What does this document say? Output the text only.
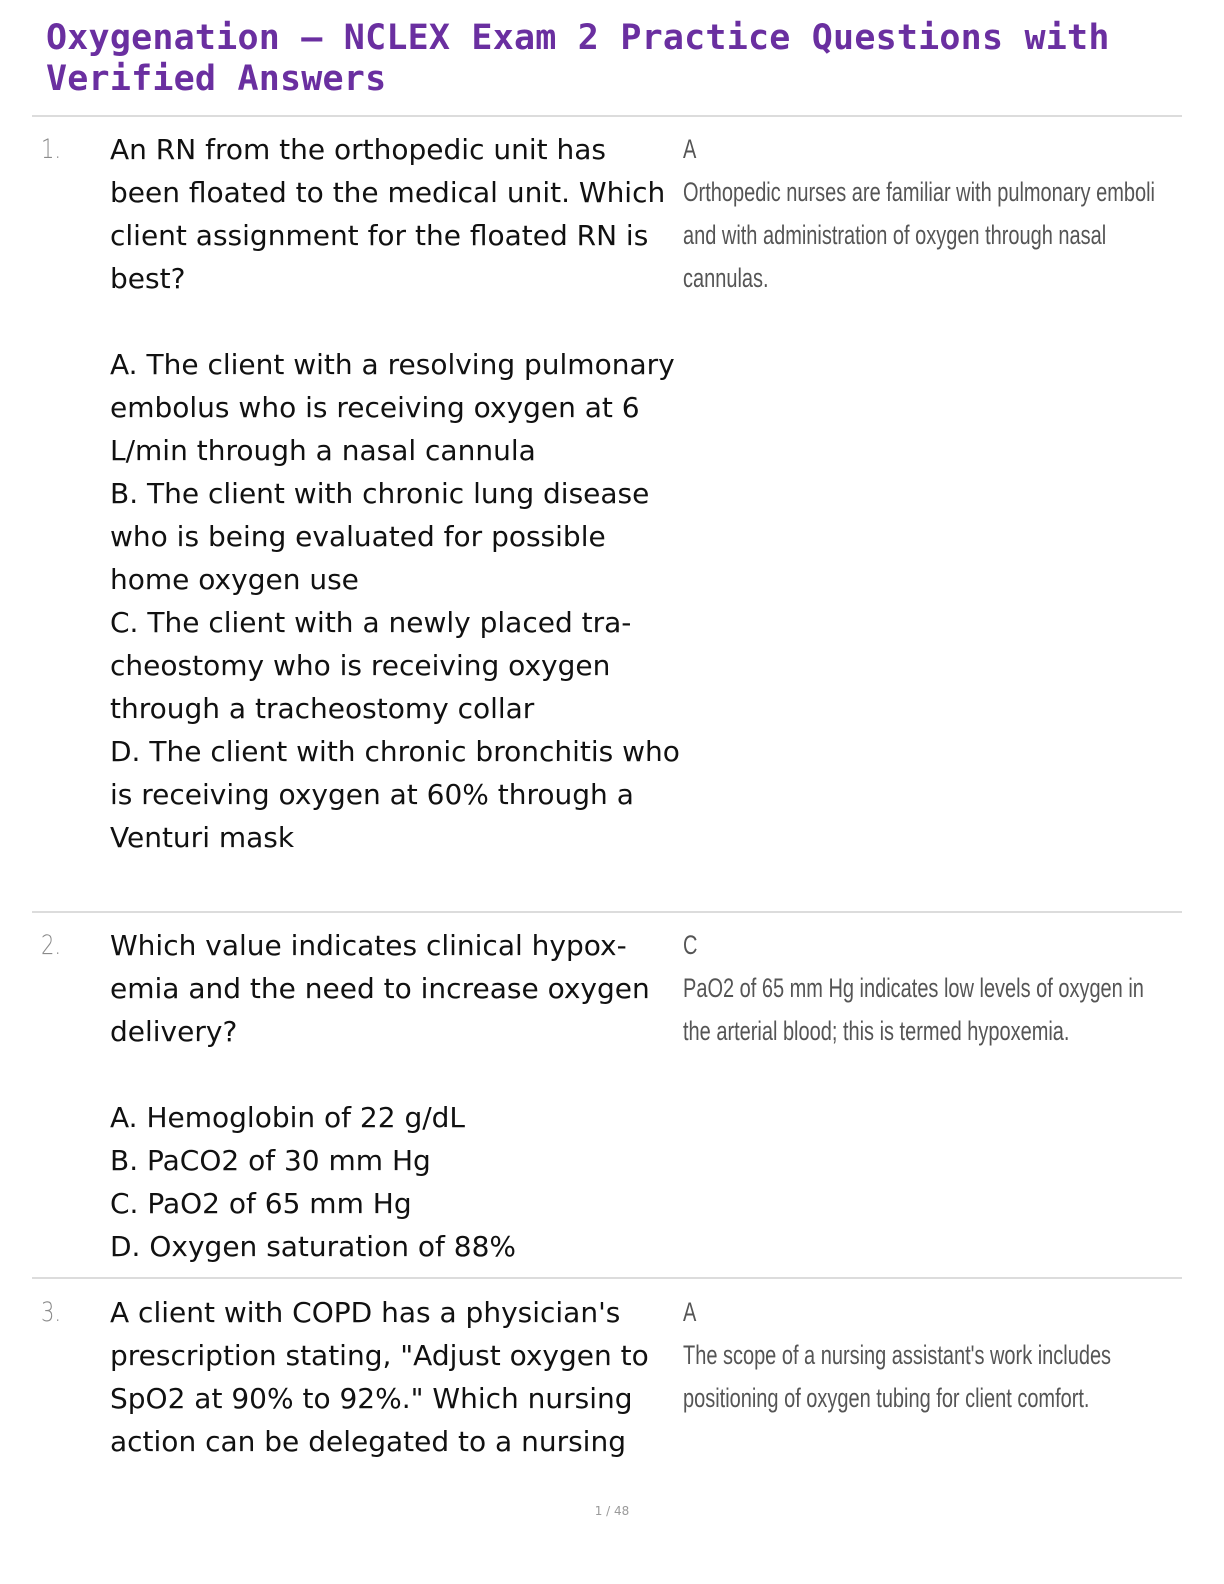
Oxygenation – NCLEX Exam 2 Practice Questions with Verified Answers
1. An RN from the orthopedic unit has been floated to the medical unit. Which client assignment for the floated RN is best?

A. The client with a resolving pulmonary embolus who is receiving oxygen at 6 L/min through a nasal cannula

B. The client with chronic lung disease who is being evaluated for possible home oxygen use

C. The client with a newly placed tracheostomy who is receiving oxygen through a tracheostomy collar

D. The client with chronic bronchitis who is receiving oxygen at 60% through a Venturi mask

A

Orthopedic nurses are familiar with pulmonary emboli and with administration of oxygen through nasal cannulas.

2. Which value indicates clinical hypoxemia and the need to increase oxygen delivery?

A. Hemoglobin of 22 g/dL

B. PaCO2 of 30 mm Hg

C. PaO2 of 65 mm Hg

D. Oxygen saturation of 88%

C

PaO2 of 65 mm Hg indicates low levels of oxygen in the arterial blood; this is termed hypoxemia.

3. A client with COPD has a physician's prescription stating, "Adjust oxygen to SpO2 at 90% to 92%." Which nursing action can be delegated to a nursing

A

The scope of a nursing assistant's work includes positioning of oxygen tubing for client comfort.

1 / 48
